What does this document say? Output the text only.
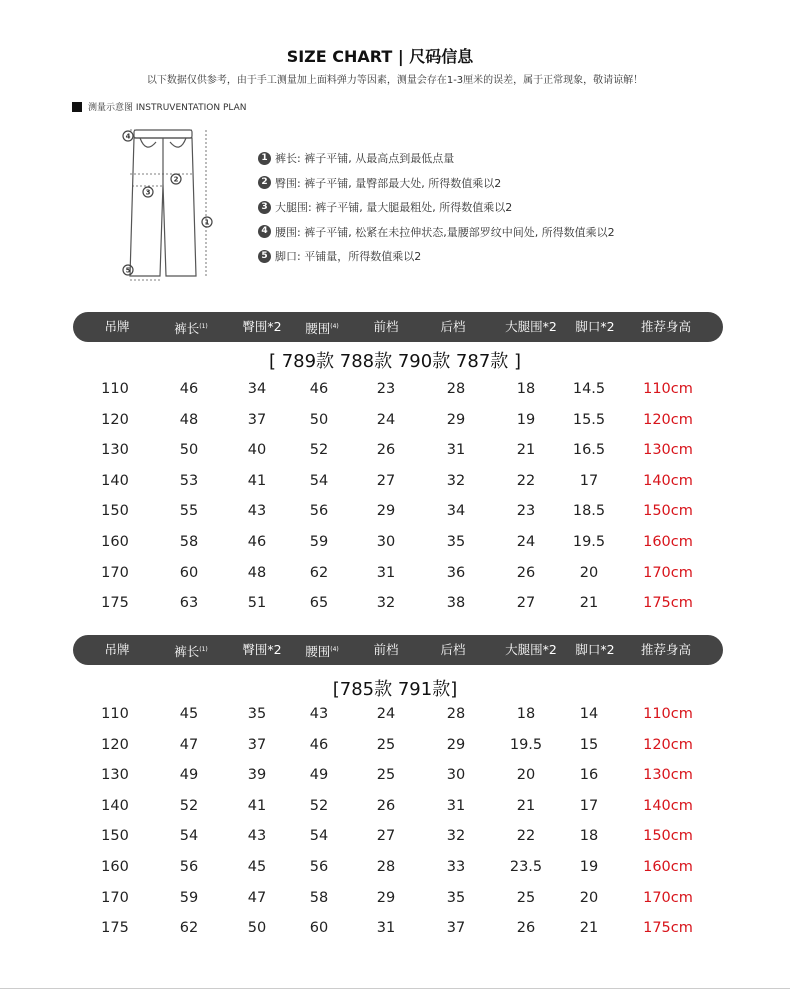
SIZE CHART | 尺码信息
以下数据仅供参考，由于手工测量加上面料弹力等因素，测量会存在1-3厘米的误差，属于正常现象，敬请谅解！
测量示意图 INSTRUVENTATION PLAN
4
2
3
1
5
1 裤长: 裤子平铺, 从最高点到最低点量
2 臀围: 裤子平铺, 量臀部最大处, 所得数值乘以2
3 大腿围: 裤子平铺, 量大腿最粗处, 所得数值乘以2
4 腰围: 裤子平铺, 松紧在未拉伸状态,量腰部罗纹中间处, 所得数值乘以2
5 脚口: 平铺量，所得数值乘以2
吊牌	裤长$^{(1)}$	臀围*2 腰围$^{(4)}$	前档	后档	大腿围*2 脚口*2 推荐身高
[ 789款 788款 790款 787款 ]
110	46	34	46	23	28	18	14.5	110cm
120	48	37	50	24	29	19	15.5	120cm
130	50	40	52	26	31	21	16.5	130cm
140	53	41	54	27	32	22	17	140cm
150	55	43	56	29	34	23	18.5	150cm
160	58	46	59	30	35	24	19.5	160cm
170	60	48	62	31	36	26	20	170cm
175	63	51	65	32	38	27	21	175cm
吊牌	裤长$^{(1)}$	臀围*2 腰围$^{(4)}$	前档	后档	大腿围*2 脚口*2 推荐身高
[785款 791款]
110	45	35	43	24	28	18	14	110cm
120	47	37	46	25	29	19.5	15	120cm
130	49	39	49	25	30	20	16	130cm
140	52	41	52	26	31	21	17	140cm
150	54	43	54	27	32	22	18	150cm
160	56	45	56	28	33	23.5	19	160cm
170	59	47	58	29	35	25	20	170cm
175	62	50	60	31	37	26	21	175cm
